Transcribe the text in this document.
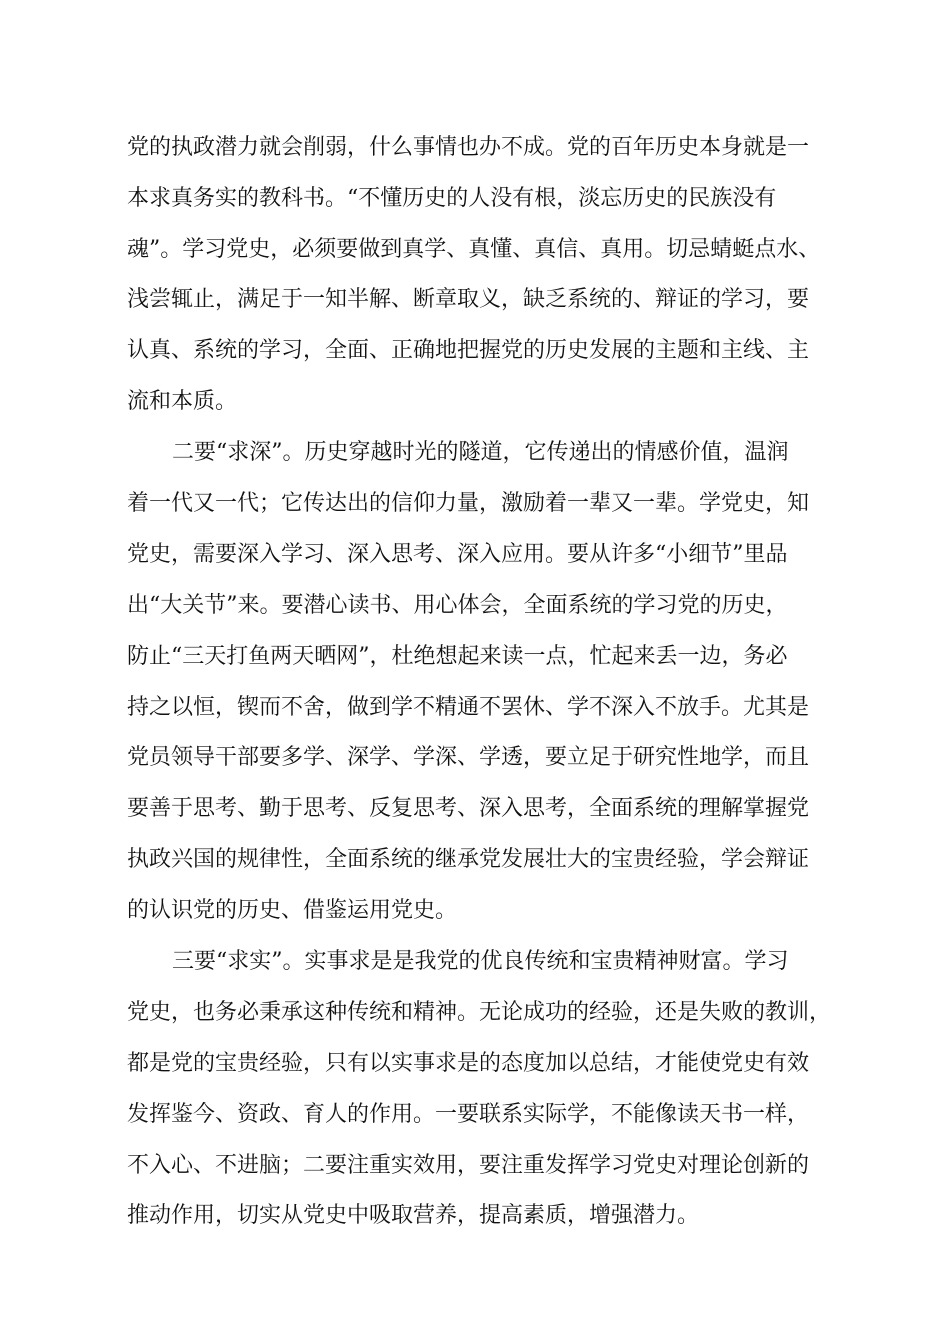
党的执政潜力就会削弱，什么事情也办不成。党的百年历史本身就是一
本求真务实的教科书。“不懂历史的人没有根，淡忘历史的民族没有
魂”。学习党史，必须要做到真学、真懂、真信、真用。切忌蜻蜓点水、
浅尝辄止，满足于一知半解、断章取义，缺乏系统的、辩证的学习，要
认真、系统的学习，全面、正确地把握党的历史发展的主题和主线、主
流和本质。
二要“求深”。历史穿越时光的隧道，它传递出的情感价值，温润
着一代又一代；它传达出的信仰力量，激励着一辈又一辈。学党史，知
党史，需要深入学习、深入思考、深入应用。要从许多“小细节”里品
出“大关节”来。要潜心读书、用心体会，全面系统的学习党的历史，
防止“三天打鱼两天晒网”，杜绝想起来读一点，忙起来丢一边，务必
持之以恒，锲而不舍，做到学不精通不罢休、学不深入不放手。尤其是
党员领导干部要多学、深学、学深、学透，要立足于研究性地学，而且
要善于思考、勤于思考、反复思考、深入思考，全面系统的理解掌握党
执政兴国的规律性，全面系统的继承党发展壮大的宝贵经验，学会辩证
的认识党的历史、借鉴运用党史。
三要“求实”。实事求是是我党的优良传统和宝贵精神财富。学习
党史，也务必秉承这种传统和精神。无论成功的经验，还是失败的教训，
都是党的宝贵经验，只有以实事求是的态度加以总结，才能使党史有效
发挥鉴今、资政、育人的作用。一要联系实际学，不能像读天书一样，
不入心、不进脑；二要注重实效用，要注重发挥学习党史对理论创新的
推动作用，切实从党史中吸取营养，提高素质，增强潜力。
